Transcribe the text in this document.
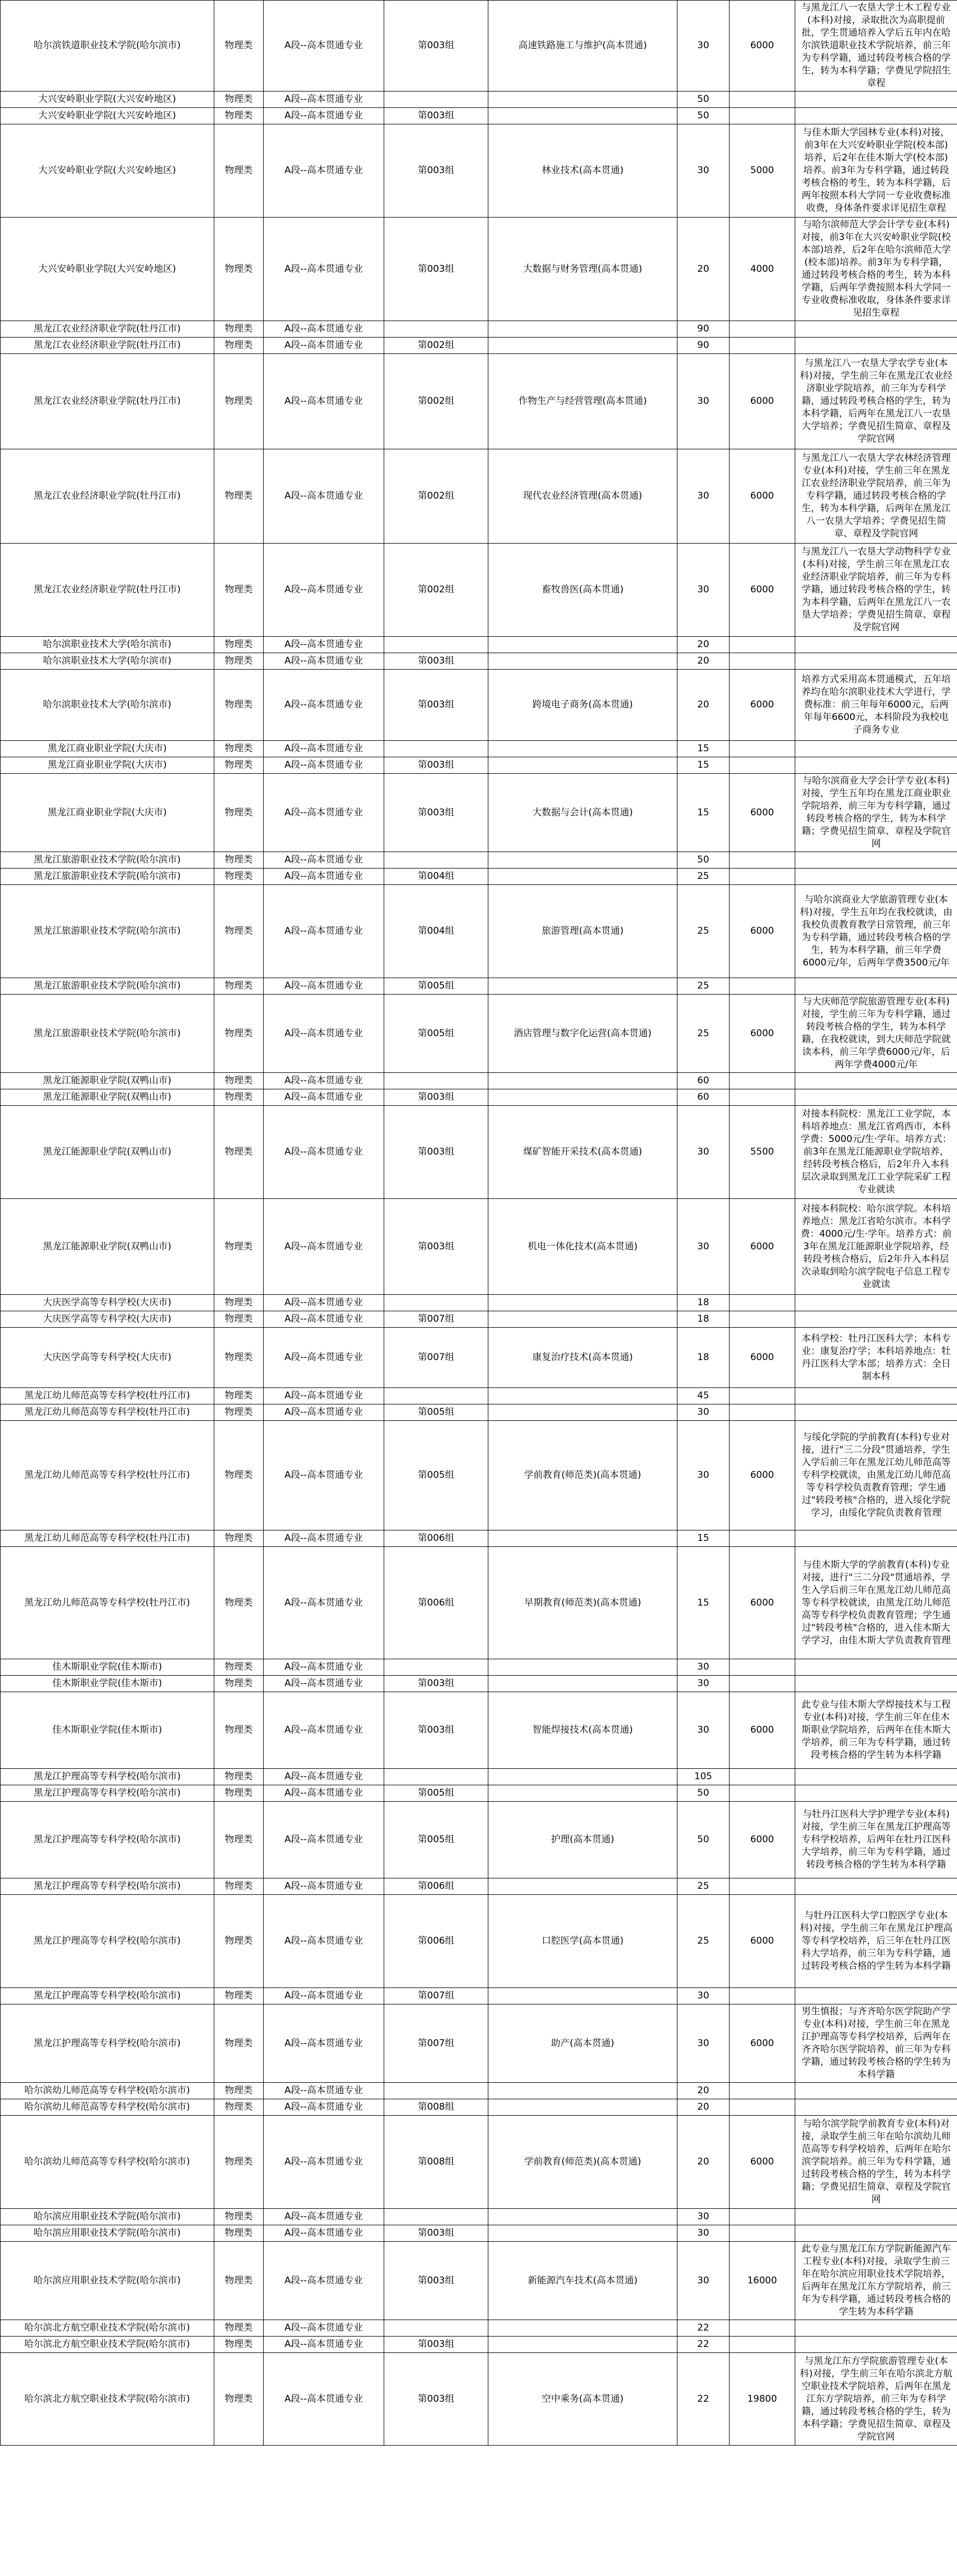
哈尔滨铁道职业技术学院(哈尔滨市)	物理类	A段--高本贯通专业	第003组	高速铁路施工与维护(高本贯通)	30	6000	与黑龙江八一农垦大学土木工程专业(本科)对接，录取批次为高职提前批，学生贯通培养入学后五年内在哈尔滨铁道职业技术学院培养，前三年为专科学籍，通过转段考核合格的学生，转为本科学籍；学费见学院招生章程
大兴安岭职业学院(大兴安岭地区)	物理类	A段--高本贯通专业			50		
大兴安岭职业学院(大兴安岭地区)	物理类	A段--高本贯通专业	第003组		50		
大兴安岭职业学院(大兴安岭地区)	物理类	A段--高本贯通专业	第003组	林业技术(高本贯通)	30	5000	与佳木斯大学园林专业(本科)对接，前3年在大兴安岭职业学院(校本部)培养，后2年在佳木斯大学(校本部)培养。前3年为专科学籍，通过转段考核合格的考生，转为本科学籍，后两年按照本科大学同一专业收费标准收费，身体条件要求详见招生章程
大兴安岭职业学院(大兴安岭地区)	物理类	A段--高本贯通专业	第003组	大数据与财务管理(高本贯通)	20	4000	与哈尔滨师范大学会计学专业(本科)对接，前3年在大兴安岭职业学院(校本部)培养，后2年在哈尔滨师范大学(校本部)培养。前3年为专科学籍，通过转段考核合格的考生，转为本科学籍，后两年学费按照本科大学同一专业收费标准收取，身体条件要求详见招生章程
黑龙江农业经济职业学院(牡丹江市)	物理类	A段--高本贯通专业			90		
黑龙江农业经济职业学院(牡丹江市)	物理类	A段--高本贯通专业	第002组		90		
黑龙江农业经济职业学院(牡丹江市)	物理类	A段--高本贯通专业	第002组	作物生产与经营管理(高本贯通)	30	6000	与黑龙江八一农垦大学农学专业(本科)对接，学生前三年在黑龙江农业经济职业学院培养，前三年为专科学籍，通过转段考核合格的学生，转为本科学籍，后两年在黑龙江八一农垦大学培养；学费见招生简章、章程及学院官网
黑龙江农业经济职业学院(牡丹江市)	物理类	A段--高本贯通专业	第002组	现代农业经济管理(高本贯通)	30	6000	与黑龙江八一农垦大学农林经济管理专业(本科)对接，学生前三年在黑龙江农业经济职业学院培养，前三年为专科学籍，通过转段考核合格的学生，转为本科学籍，后两年在黑龙江八一农垦大学培养；学费见招生简章、章程及学院官网
黑龙江农业经济职业学院(牡丹江市)	物理类	A段--高本贯通专业	第002组	畜牧兽医(高本贯通)	30	6000	与黑龙江八一农垦大学动物科学专业(本科)对接，学生前三年在黑龙江农业经济职业学院培养，前三年为专科学籍，通过转段考核合格的学生，转为本科学籍，后两年在黑龙江八一农垦大学培养；学费见招生简章、章程及学院官网
哈尔滨职业技术大学(哈尔滨市)	物理类	A段--高本贯通专业			20		
哈尔滨职业技术大学(哈尔滨市)	物理类	A段--高本贯通专业	第003组		20		
哈尔滨职业技术大学(哈尔滨市)	物理类	A段--高本贯通专业	第003组	跨境电子商务(高本贯通)	20	6000	培养方式采用高本贯通模式，五年培养均在哈尔滨职业技术大学进行，学费标准：前三年每年6000元，后两年每年6600元，本科阶段为我校电子商务专业
黑龙江商业职业学院(大庆市)	物理类	A段--高本贯通专业			15		
黑龙江商业职业学院(大庆市)	物理类	A段--高本贯通专业	第003组		15		
黑龙江商业职业学院(大庆市)	物理类	A段--高本贯通专业	第003组	大数据与会计(高本贯通)	15	6000	与哈尔滨商业大学会计学专业(本科)对接，学生五年均在黑龙江商业职业学院培养，前三年为专科学籍，通过转段考核合格的学生，转为本科学籍；学费见招生简章、章程及学院官网
黑龙江旅游职业技术学院(哈尔滨市)	物理类	A段--高本贯通专业			50		
黑龙江旅游职业技术学院(哈尔滨市)	物理类	A段--高本贯通专业	第004组		25		
黑龙江旅游职业技术学院(哈尔滨市)	物理类	A段--高本贯通专业	第004组	旅游管理(高本贯通)	25	6000	与哈尔滨商业大学旅游管理专业(本科)对接，学生五年均在我校就读，由我校负责教育教学日常管理，前三年为专科学籍，通过转段考核合格的学生，转为本科学籍，前三年学费6000元/年，后两年学费3500元/年
黑龙江旅游职业技术学院(哈尔滨市)	物理类	A段--高本贯通专业	第005组		25		
黑龙江旅游职业技术学院(哈尔滨市)	物理类	A段--高本贯通专业	第005组	酒店管理与数字化运营(高本贯通)	25	6000	与大庆师范学院旅游管理专业(本科)对接，学生前三年为专科学籍，通过转段考核合格的学生，转为本科学籍，在我校就读，到大庆师范学院就读本科，前三年学费6000元/年，后两年学费4000元/年
黑龙江能源职业学院(双鸭山市)	物理类	A段--高本贯通专业			60		
黑龙江能源职业学院(双鸭山市)	物理类	A段--高本贯通专业	第003组		60		
黑龙江能源职业学院(双鸭山市)	物理类	A段--高本贯通专业	第003组	煤矿智能开采技术(高本贯通)	30	5500	对接本科院校：黑龙江工业学院，本科培养地点：黑龙江省鸡西市，本科学费：5000元/生·学年。培养方式：前3年在黑龙江能源职业学院培养，经转段考核合格后，后2年升入本科层次录取到黑龙江工业学院采矿工程专业就读
黑龙江能源职业学院(双鸭山市)	物理类	A段--高本贯通专业	第003组	机电一体化技术(高本贯通)	30	6000	对接本科院校：哈尔滨学院。本科培养地点：黑龙江省哈尔滨市。本科学费：4000元/生·学年。培养方式：前3年在黑龙江能源职业学院培养，经转段考核合格后，后2年升入本科层次录取到哈尔滨学院电子信息工程专业就读
大庆医学高等专科学校(大庆市)	物理类	A段--高本贯通专业			18		
大庆医学高等专科学校(大庆市)	物理类	A段--高本贯通专业	第007组		18		
大庆医学高等专科学校(大庆市)	物理类	A段--高本贯通专业	第007组	康复治疗技术(高本贯通)	18	6000	本科学校：牡丹江医科大学；本科专业：康复治疗学；本科培养地点：牡丹江医科大学本部；培养方式：全日制本科
黑龙江幼儿师范高等专科学校(牡丹江市)	物理类	A段--高本贯通专业			45		
黑龙江幼儿师范高等专科学校(牡丹江市)	物理类	A段--高本贯通专业	第005组		30		
黑龙江幼儿师范高等专科学校(牡丹江市)	物理类	A段--高本贯通专业	第005组	学前教育(师范类)(高本贯通)	30	6000	与绥化学院的学前教育(本科)专业对接，进行"三二分段"贯通培养，学生入学后前三年在黑龙江幼儿师范高等专科学校就读，由黑龙江幼儿师范高等专科学校负责教育管理；学生通过"转段考核"合格的，进入绥化学院学习，由绥化学院负责教育管理
黑龙江幼儿师范高等专科学校(牡丹江市)	物理类	A段--高本贯通专业	第006组		15		
黑龙江幼儿师范高等专科学校(牡丹江市)	物理类	A段--高本贯通专业	第006组	早期教育(师范类)(高本贯通)	15	6000	与佳木斯大学的学前教育(本科)专业对接，进行"三二分段"贯通培养，学生入学后前三年在黑龙江幼儿师范高等专科学校就读，由黑龙江幼儿师范高等专科学校负责教育管理；学生通过"转段考核"合格的，进入佳木斯大学学习，由佳木斯大学负责教育管理
佳木斯职业学院(佳木斯市)	物理类	A段--高本贯通专业			30		
佳木斯职业学院(佳木斯市)	物理类	A段--高本贯通专业	第003组		30		
佳木斯职业学院(佳木斯市)	物理类	A段--高本贯通专业	第003组	智能焊接技术(高本贯通)	30	6000	此专业与佳木斯大学焊接技术与工程专业(本科)对接，学生前三年在佳木斯职业学院培养，后两年在佳木斯大学培养，前三年为专科学籍，通过转段考核合格的学生转为本科学籍
黑龙江护理高等专科学校(哈尔滨市)	物理类	A段--高本贯通专业			105		
黑龙江护理高等专科学校(哈尔滨市)	物理类	A段--高本贯通专业	第005组		50		
黑龙江护理高等专科学校(哈尔滨市)	物理类	A段--高本贯通专业	第005组	护理(高本贯通)	50	6000	与牡丹江医科大学护理学专业(本科)对接，学生前三年在黑龙江护理高等专科学校培养，后两年在牡丹江医科大学培养，前三年为专科学籍，通过转段考核合格的学生转为本科学籍
黑龙江护理高等专科学校(哈尔滨市)	物理类	A段--高本贯通专业	第006组		25		
黑龙江护理高等专科学校(哈尔滨市)	物理类	A段--高本贯通专业	第006组	口腔医学(高本贯通)	25	6000	与牡丹江医科大学口腔医学专业(本科)对接，学生前三年在黑龙江护理高等专科学校培养，后三年在牡丹江医科大学培养，前三年为专科学籍，通过转段考核合格的学生转为本科学籍
黑龙江护理高等专科学校(哈尔滨市)	物理类	A段--高本贯通专业	第007组		30		
黑龙江护理高等专科学校(哈尔滨市)	物理类	A段--高本贯通专业	第007组	助产(高本贯通)	30	6000	男生慎报；与齐齐哈尔医学院助产学专业(本科)对接，学生前三年在黑龙江护理高等专科学校培养，后两年在齐齐哈尔医学院培养，前三年为专科学籍，通过转段考核合格的学生转为本科学籍
哈尔滨幼儿师范高等专科学校(哈尔滨市)	物理类	A段--高本贯通专业			20		
哈尔滨幼儿师范高等专科学校(哈尔滨市)	物理类	A段--高本贯通专业	第008组		20		
哈尔滨幼儿师范高等专科学校(哈尔滨市)	物理类	A段--高本贯通专业	第008组	学前教育(师范类)(高本贯通)	20	6000	与哈尔滨学院学前教育专业(本科)对接，录取学生前三年在哈尔滨幼儿师范高等专科学校培养，后两年在哈尔滨学院培养。前三年为专科学籍，通过转段考核合格的学生，转为本科学籍；学费见招生简章、章程及学院官网
哈尔滨应用职业技术学院(哈尔滨市)	物理类	A段--高本贯通专业			30		
哈尔滨应用职业技术学院(哈尔滨市)	物理类	A段--高本贯通专业	第003组		30		
哈尔滨应用职业技术学院(哈尔滨市)	物理类	A段--高本贯通专业	第003组	新能源汽车技术(高本贯通)	30	16000	此专业与黑龙江东方学院新能源汽车工程专业(本科)对接，录取学生前三年在哈尔滨应用职业技术学院培养，后两年在黑龙江东方学院培养，前三年为专科学籍，通过转段考核合格的学生转为本科学籍
哈尔滨北方航空职业技术学院(哈尔滨市)	物理类	A段--高本贯通专业			22		
哈尔滨北方航空职业技术学院(哈尔滨市)	物理类	A段--高本贯通专业	第003组		22		
哈尔滨北方航空职业技术学院(哈尔滨市)	物理类	A段--高本贯通专业	第003组	空中乘务(高本贯通)	22	19800	与黑龙江东方学院旅游管理专业(本科)对接，学生前三年在哈尔滨北方航空职业技术学院培养，后两年在黑龙江东方学院培养，前三年为专科学籍，通过转段考核合格的学生，转为本科学籍；学费见招生简章、章程及学院官网
